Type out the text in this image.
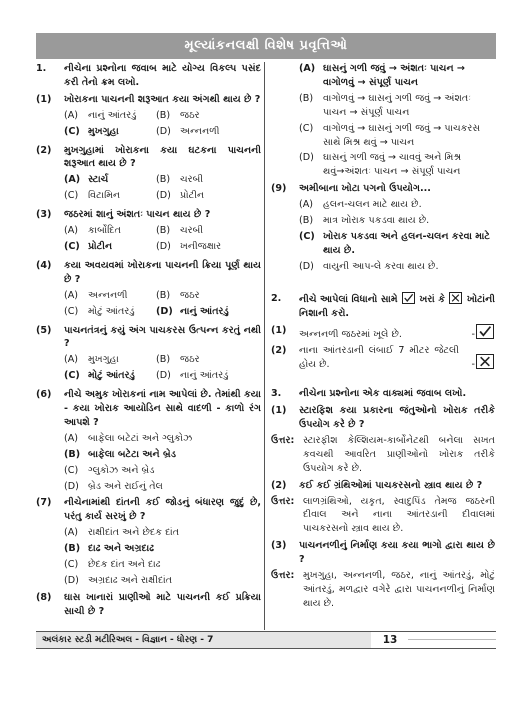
મૂલ્યાંકનલક્ષી વિશેષ પ્રવૃત્તિઓ
1.	નીચેના પ્રશ્નોના જવાબ માટે યોગ્ય વિકલ્પ પસંદ કરી તેનો ક્રમ લખો.
(1)	ખોરાકના પાચનની શરૂઆત કયા અંગથી થાય છે ?
(A)	નાનું આંતરડું (B)	જઠર
(C) મુખગુહા	(D) અન્નનળી
(2)	મુખગુહામાં ખોરાકના કયા ઘટકના પાચનની શરૂઆત થાય છે ?
(A) સ્ટાર્ચ	(B)	ચરબી
(C)	વિટામિન	(D) પ્રોટીન
(3)	જઠરમાં શાનું અંશતઃ પાચન થાય છે ?
(A)	કાર્બોદિત	(B)	ચરબી
(C) પ્રોટીન	(D) ખનીજક્ષાર
(4)	કયા અવયવમાં ખોરાકના પાચનની ક્રિયા પૂર્ણ થાય છે ?
(A)	અન્નનળી	(B)	જઠર
(C)	મોટું આંતરડું (D) નાનું આંતરડું
(5)	પાચનતંત્રનું કયું અંગ પાચકરસ ઉત્પન્ન કરતું નથી ?
(A)	મુખગુહા	(B)	જઠર
(C) મોટું આંતરડું (D) નાનું આંતરડું
(6)	નીચે અમુક ખોરાકનાં નામ આપેલાં છે. તેમાંથી કયા - કયા ખોરાક આયોડિન સાથે વાદળી - કાળો રંગ આપશે ?
(A)	બાફેલા બટેટાં અને ગ્લુકોઝ
(B) બાફેલા બટેટા અને બ્રેડ
(C)	ગ્લુકોઝ અને બ્રેડ
(D) બ્રેડ અને રાઈનું તેલ
(7)	નીચેનામાંથી દાંતની કઈ જોડનું બંધારણ જુદું છે, પરંતુ કાર્ય સરખું છે ?
(A)	રાક્ષીદાંત અને છેદક દાંત
(B) દાઢ અને અગ્રદાઢ
(C)	છેદક દાંત અને દાઢ
(D) અગ્રદાઢ અને રાક્ષીદાંત
(8)	ઘાસ ખાનારાં પ્રાણીઓ માટે પાચનની કઈ પ્રક્રિયા સાચી છે ?
(A) ઘાસનું ગળી જવું → અંશતઃ પાચન → વાગોળવું → સંપૂર્ણ પાચન
(B)	વાગોળવું → ઘાસનું ગળી જવું → અંશતઃ પાચન → સંપૂર્ણ પાચન
(C)	વાગોળવું → ઘાસનું ગળી જવું → પાચકરસ સાથે મિશ્ર થવું → પાચન
(D) ઘાસનું ગળી જવું → ચાવવું અને મિશ્ર થવું→અંશતઃ પાચન → સંપૂર્ણ પાચન
(9)	અમીબાના ખોટા પગનો ઉપયોગ...
(A)	હલન-ચલન માટે થાય છે.
(B)	માત્ર ખોરાક પકડવા થાય છે.
(C) ખોરાક પકડવા અને હલન-ચલન કરવા માટે થાય છે.
(D) વાયુની આપ-લે કરવા થાય છે.
2.	નીચે આપેલાં વિધાનો સામે ખરાં કે ☒ ખોટાંની નિશાની કરો.
(1)	અન્નનળી જઠરમાં ખૂલે છે.	-
(2)	નાના આંતરડાની લંબાઈ 7 મીટર જેટલી હોય છે.	-
3.	નીચેના પ્રશ્નોના એક વાક્યમાં જવાબ લખો.
(1)	સ્ટારફિશ કયા પ્રકારના જંતુઓનો ખોરાક તરીકે ઉપયોગ કરે છે ?
ઉત્તર: સ્ટારફીશ કેલ્શિયમ-કાર્બોનેટથી બનેલા સખત કવચથી આવરિત પ્રાણીઓનો ખોરાક તરીકે ઉપયોગ કરે છે.
(2)	કઈ કઈ ગ્રંથિઓમાં પાચકરસનો સ્ત્રાવ થાય છે ?
ઉત્તર: લાળગ્રંથિઓ, યકૃત, સ્વાદુપિંડ તેમજ જઠરની દીવાલ અને નાના આંતરડાની દીવાલમાં પાચકરસનો સ્ત્રાવ થાય છે.
(3)	પાચનનળીનું નિર્માણ કયા કયા ભાગો દ્વારા થાય છે ?
ઉત્તર: મુખગુહા, અન્નનળી, જઠર, નાનું આંતરડું, મોટું આંતરડું, મળદ્વાર વગેરે દ્વારા પાચનનળીનું નિર્માણ થાય છે.
અલંકાર સ્ટડી મટીરિઅલ - વિજ્ઞાન - ધોરણ - 7	13
